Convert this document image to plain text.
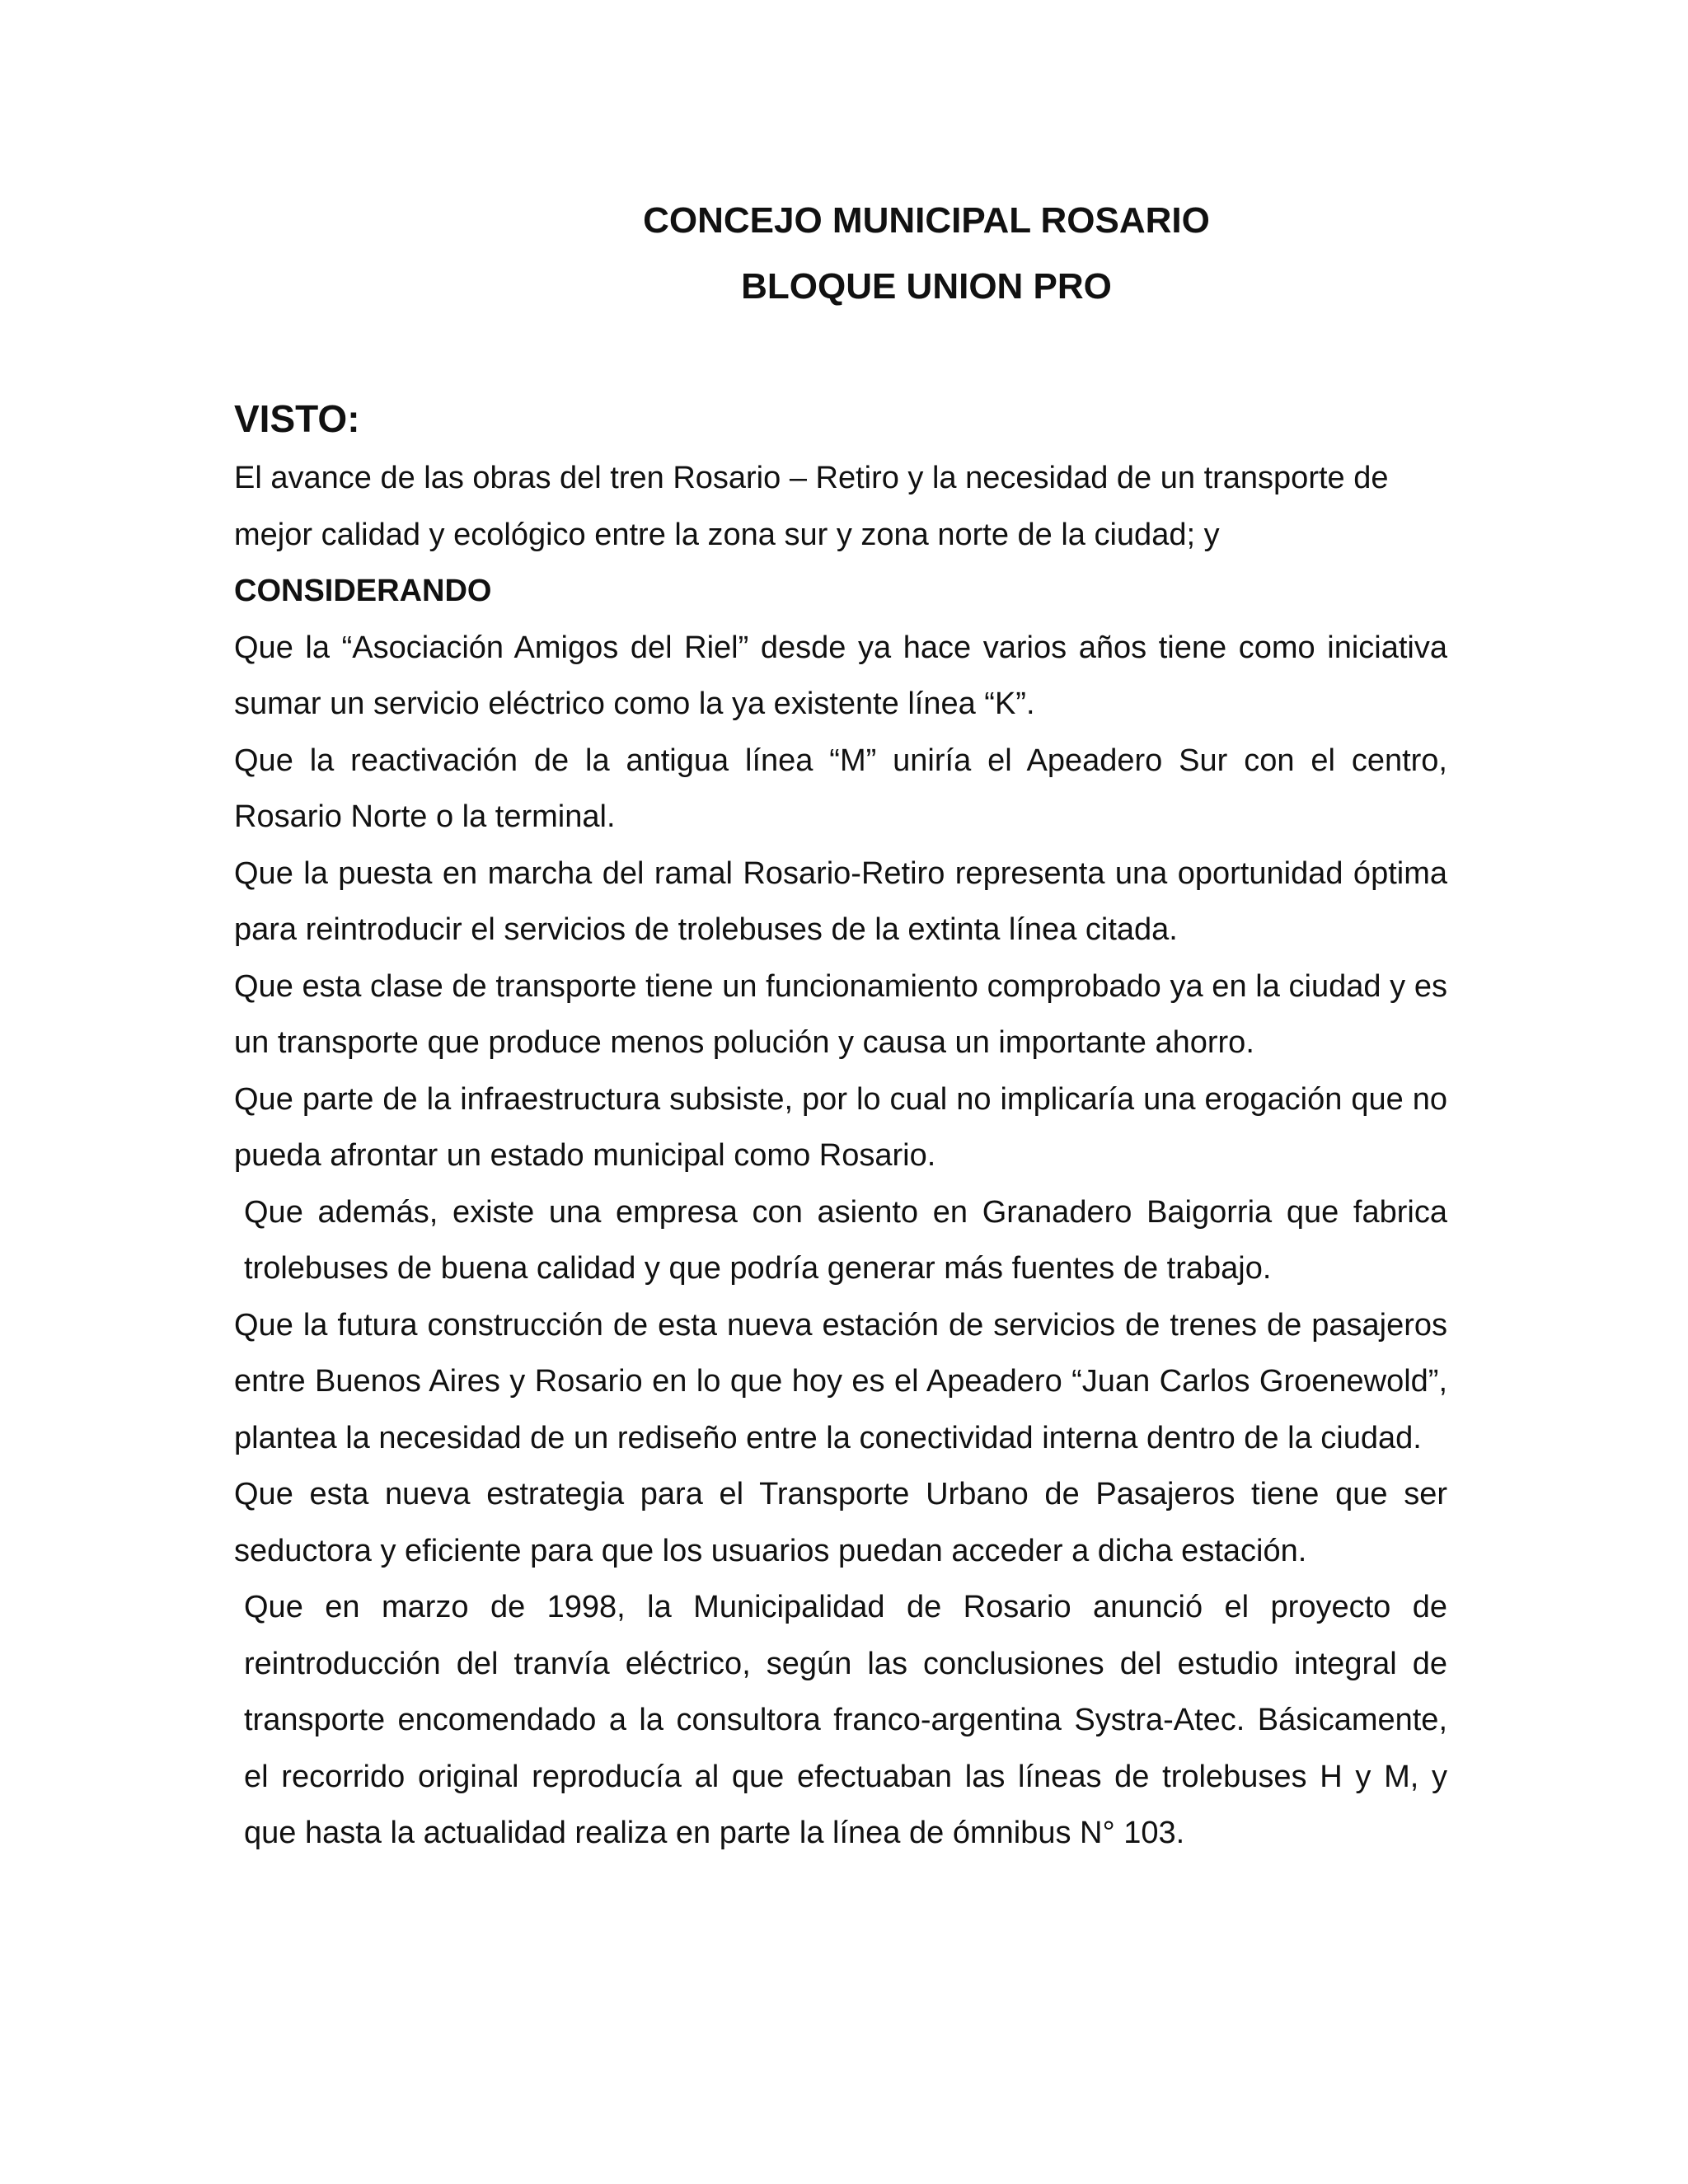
CONCEJO MUNICIPAL ROSARIO
BLOQUE UNION PRO
VISTO:

El avance de las obras del tren Rosario – Retiro y la necesidad de un transporte de mejor calidad y ecológico entre la zona sur y zona norte de la ciudad; y

CONSIDERANDO

Que la “Asociación Amigos del Riel” desde ya hace varios años tiene como iniciativa sumar un servicio eléctrico como la ya existente línea “K”.

Que la reactivación de la antigua línea “M” uniría el Apeadero Sur con el centro, Rosario Norte o la terminal.

Que la puesta en marcha del ramal Rosario-Retiro representa una oportunidad óptima para reintroducir el servicios de trolebuses de la extinta línea citada.

Que esta clase de transporte tiene un funcionamiento comprobado ya en la ciudad y es un transporte que produce menos polución y causa un importante ahorro.

Que parte de la infraestructura subsiste, por lo cual no implicaría una erogación que no pueda afrontar un estado municipal como Rosario.

Que además, existe una empresa con asiento en Granadero Baigorria que fabrica trolebuses de buena calidad y que podría generar más fuentes de trabajo.

Que la futura construcción de esta nueva estación de servicios de trenes de pasajeros entre Buenos Aires y Rosario en lo que hoy es el Apeadero “Juan Carlos Groenewold”, plantea la necesidad de un rediseño entre la conectividad interna dentro de la ciudad.

Que esta nueva estrategia para el Transporte Urbano de Pasajeros tiene que ser seductora y eficiente para que los usuarios puedan acceder a dicha estación.

Que en marzo de 1998, la Municipalidad de Rosario anunció el proyecto de reintroducción del tranvía eléctrico, según las conclusiones del estudio integral de transporte encomendado a la consultora franco-argentina Systra-Atec. Básicamente, el recorrido original reproducía al que efectuaban las líneas de trolebuses H y M, y que hasta la actualidad realiza en parte la línea de ómnibus N° 103.
